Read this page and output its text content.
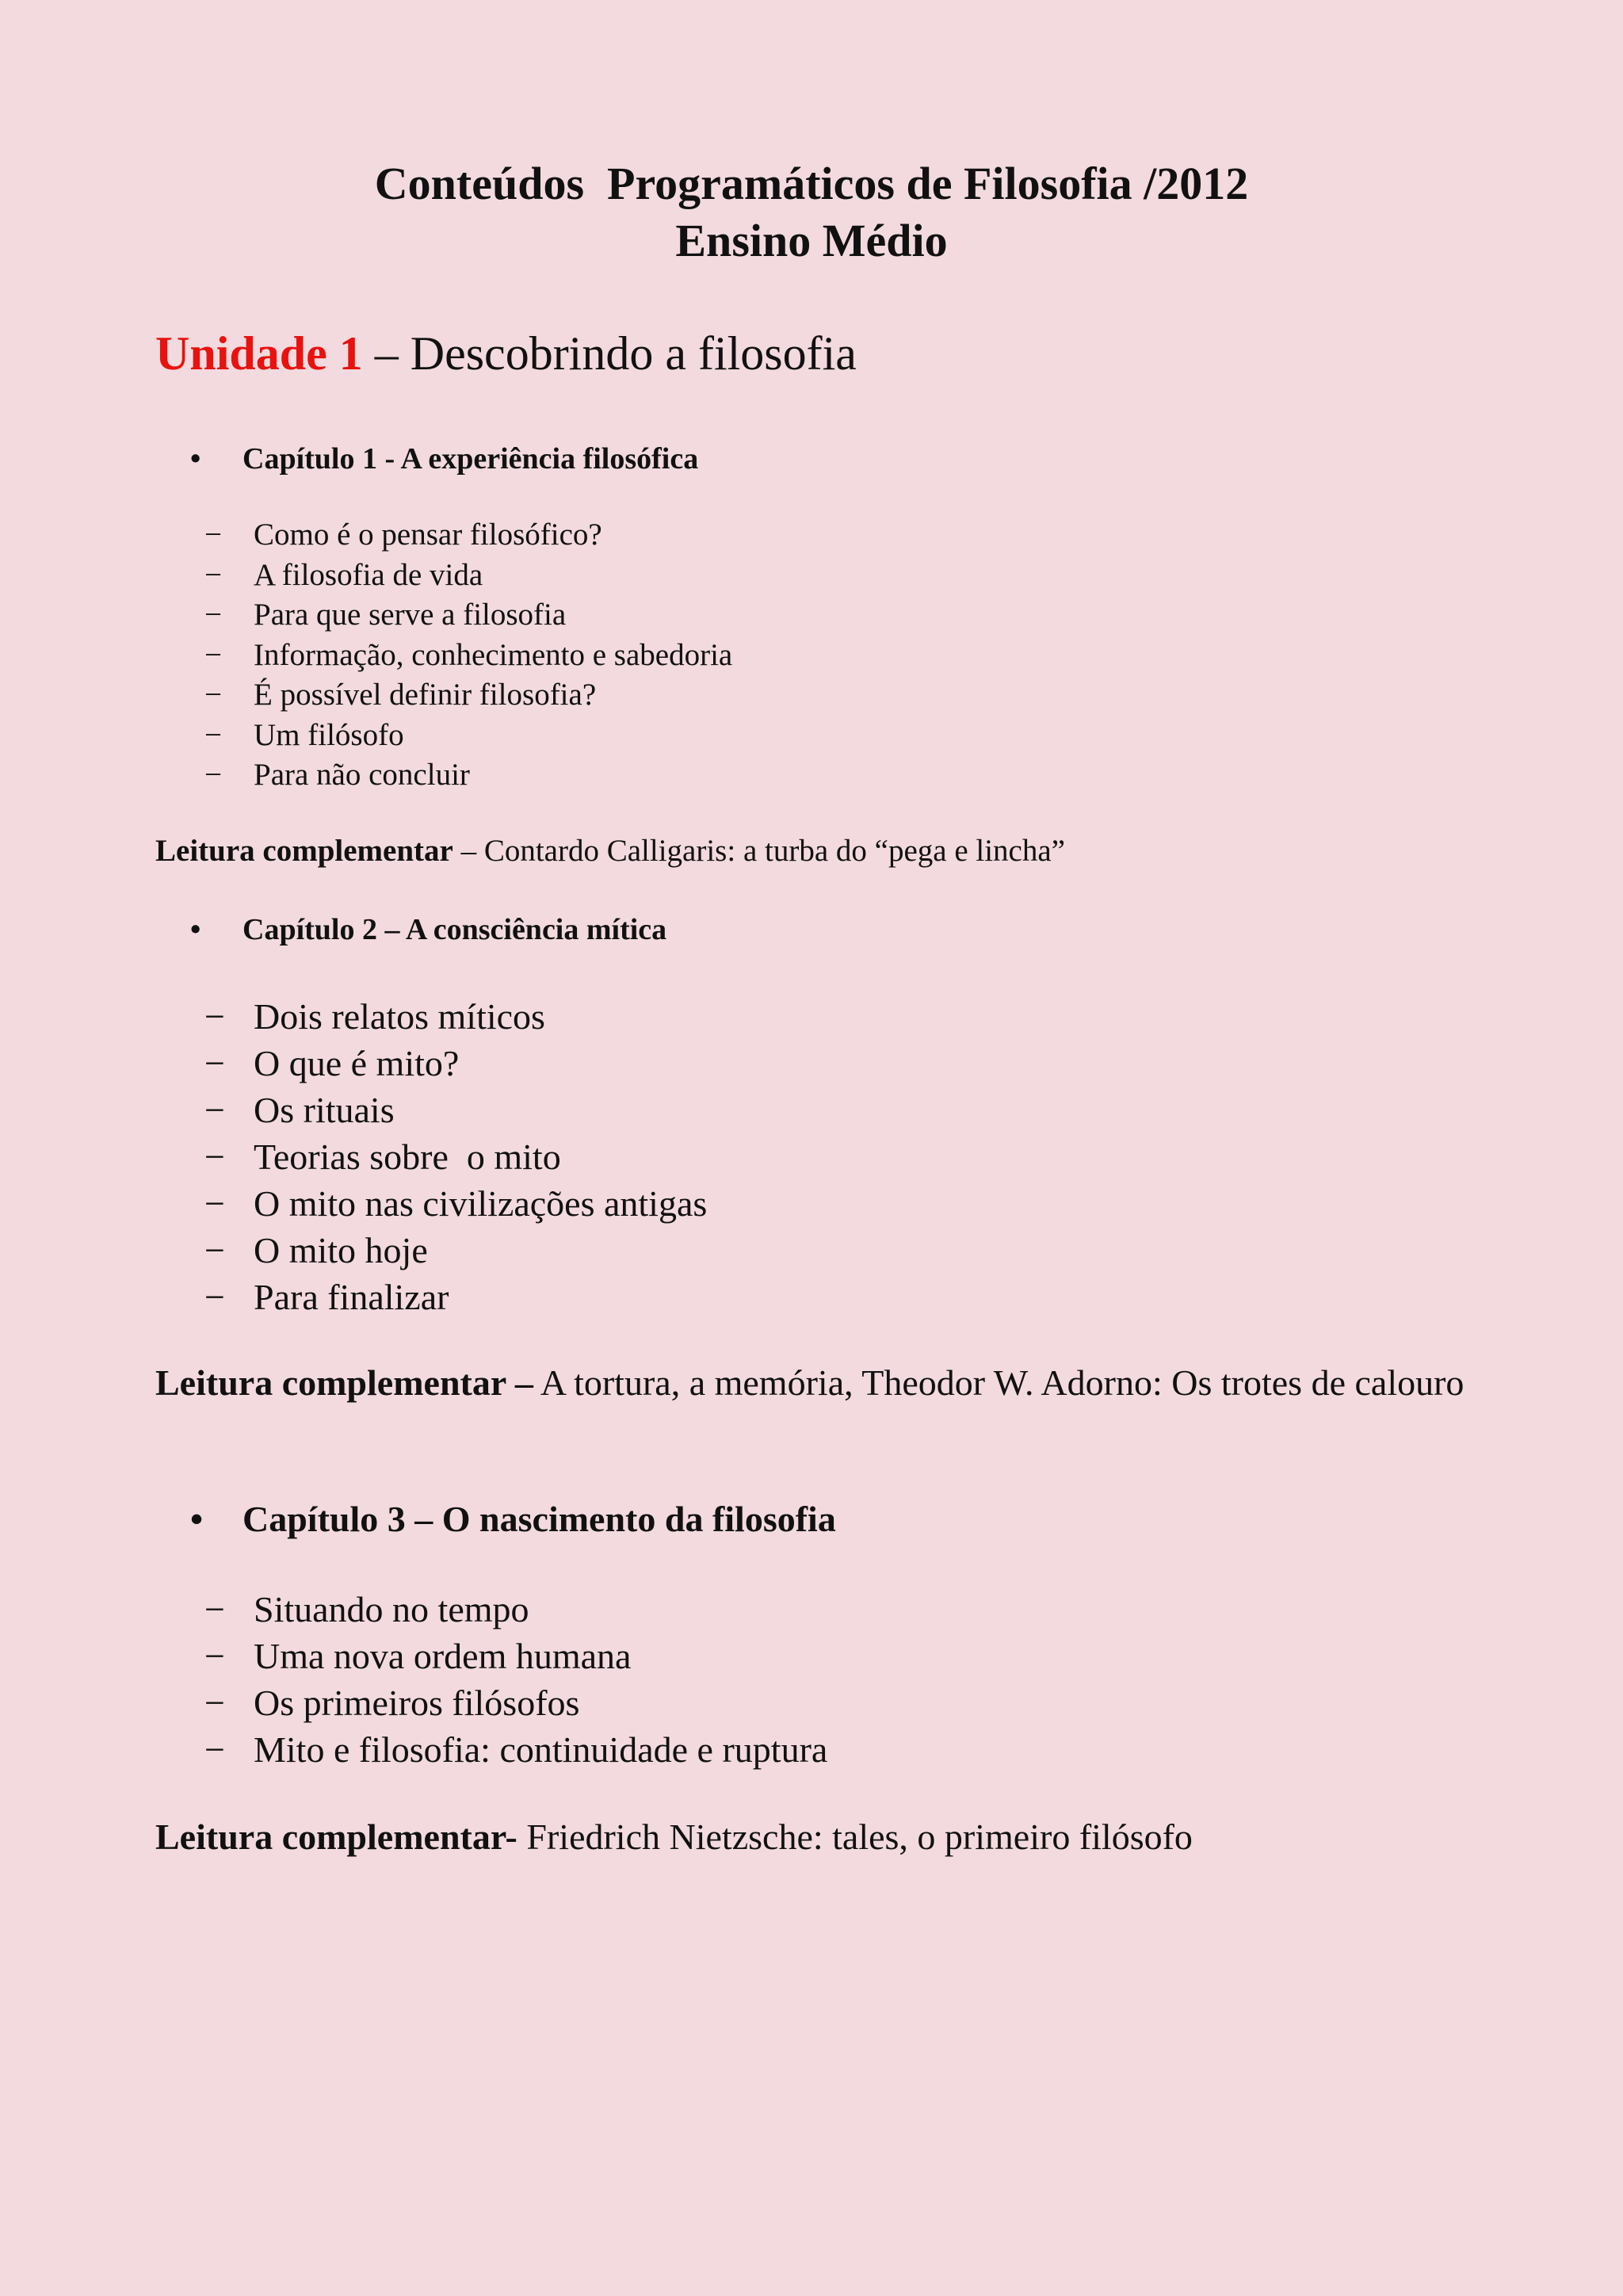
Conteúdos  Programáticos de Filosofia /2012
Ensino Médio
Unidade 1 – Descobrindo a filosofia
• Capítulo 1 - A experiência filosófica
− Como é o pensar filosófico?
− A filosofia de vida
− Para que serve a filosofia
− Informação, conhecimento e sabedoria
− É possível definir filosofia?
− Um filósofo
− Para não concluir
Leitura complementar – Contardo Calligaris: a turba do “pega e lincha”
• Capítulo 2 – A consciência mítica
− Dois relatos míticos
− O que é mito?
− Os rituais
− Teorias sobre  o mito
− O mito nas civilizações antigas
− O mito hoje
− Para finalizar
Leitura complementar – A tortura, a memória, Theodor W. Adorno: Os trotes de calouro
• Capítulo 3 – O nascimento da filosofia
− Situando no tempo
− Uma nova ordem humana
− Os primeiros filósofos
− Mito e filosofia: continuidade e ruptura
Leitura complementar- Friedrich Nietzsche: tales, o primeiro filósofo
